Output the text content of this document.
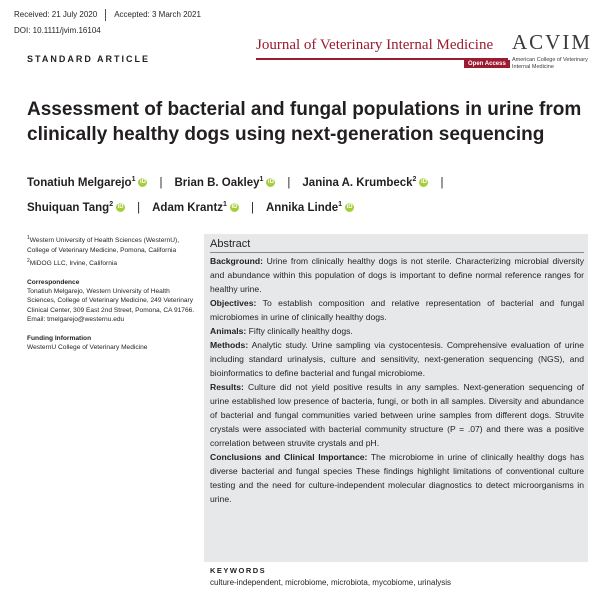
Received: 21 July 2020 Accepted: 3 March 2021
DOI: 10.1111/jvim.16104
Journal of Veterinary Internal Medicine
Open Access
ACVIM
American College of Veterinary Internal Medicine
STANDARD ARTICLE
Assessment of bacterial and fungal populations in urine from clinically healthy dogs using next-generation sequencing
Tonatiuh Melgarejo$^1$ iD | Brian B. Oakley$^1$ iD | Janina A. Krumbeck$^2$ iD |
Shuiquan Tang$^2$ iD | Adam Krantz$^1$ iD | Annika Linde$^1$ iD
$^1$Western University of Health Sciences (WesternU), College of Veterinary Medicine, Pomona, California
$^2$MiDOG LLC, Irvine, California
Correspondence
Tonatiuh Melgarejo, Western University of Health Sciences, College of Veterinary Medicine, 249 Veterinary Clinical Center, 309 East 2nd Street, Pomona, CA 91766.
Email: tmelgarejo@westernu.edu
Funding Information
WesternU College of Veterinary Medicine
Abstract

Background: Urine from clinically healthy dogs is not sterile. Characterizing microbial diversity and abundance within this population of dogs is important to define normal reference ranges for healthy urine.

Objectives: To establish composition and relative representation of bacterial and fungal microbiomes in urine of clinically healthy dogs.

Animals: Fifty clinically healthy dogs.

Methods: Analytic study. Urine sampling via cystocentesis. Comprehensive evaluation of urine including standard urinalysis, culture and sensitivity, next-generation sequencing (NGS), and bioinformatics to define bacterial and fungal microbiome.

Results: Culture did not yield positive results in any samples. Next-generation sequencing of urine established low presence of bacteria, fungi, or both in all samples. Diversity and abundance of bacterial and fungal communities varied between urine samples from different dogs. Struvite crystals were associated with bacterial community structure (P = .07) and there was a positive correlation between struvite crystals and pH.

Conclusions and Clinical Importance: The microbiome in urine of clinically healthy dogs has diverse bacterial and fungal species These findings highlight limitations of conventional culture testing and the need for culture-independent molecular diagnostics to detect microorganisms in urine.

KEYWORDS
culture-independent, microbiome, microbiota, mycobiome, urinalysis
